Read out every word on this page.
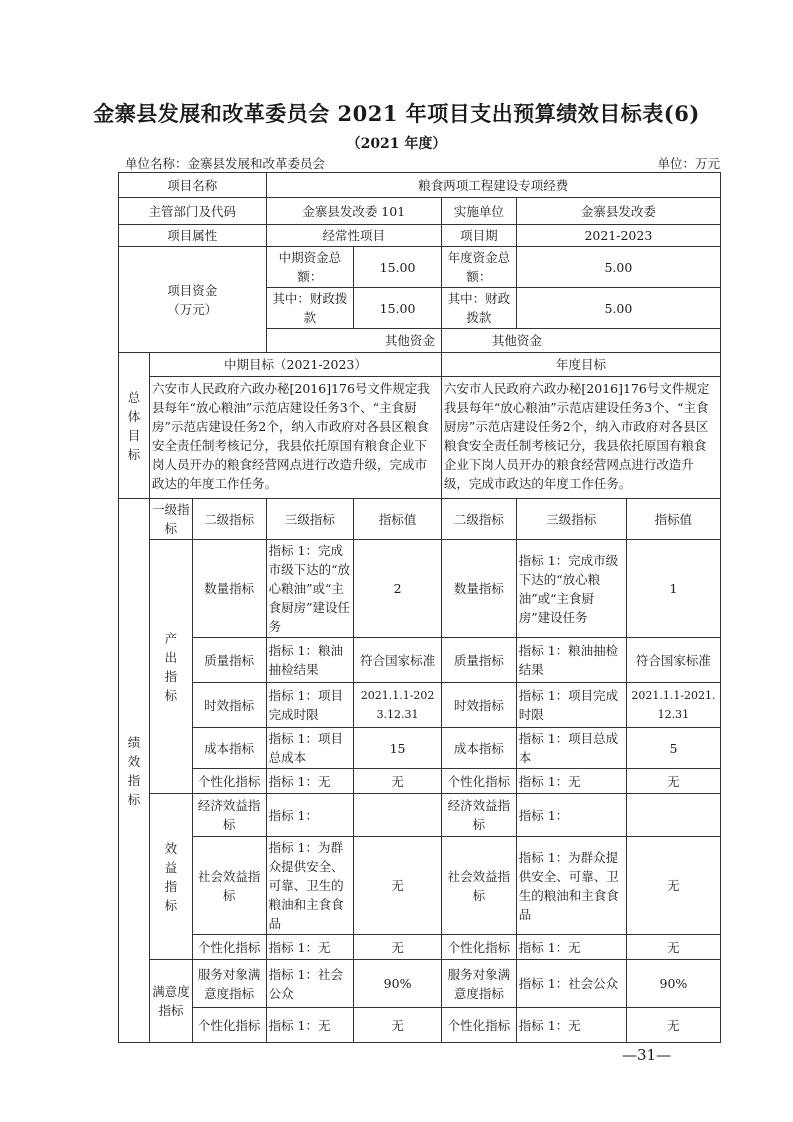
金寨县发展和改革委员会 2021 年项目支出预算绩效目标表(6)
（2021 年度）
单位名称：金寨县发展和改革委员会	单位：万元
项目名称			粮食两项工程建设专项经费				
主管部门及代码			金寨县发改委 101		实施单位	金寨县发改委	
项目属性			经常性项目		项目期	2021-2023	
项目资金（万元）			中期资金总额：	15.00	年度资金总额：	5.00	
			其中：财政拨款	15.00	其中：财政拨款	5.00	
			其他资金		其他资金		
总体目标	中期目标（2021-2023）				年度目标		
	六安市人民政府六政办秘[2016]176号文件规定我县每年“放心粮油”示范店建设任务3个、“主食厨房”示范店建设任务2个，纳入市政府对各县区粮食安全责任制考核记分，我县依托原国有粮食企业下岗人员开办的粮食经营网点进行改造升级，完成市政达的年度工作任务。				六安市人民政府六政办秘[2016]176号文件规定我县每年“放心粮油”示范店建设任务3个、“主食厨房”示范店建设任务2个，纳入市政府对各县区粮食安全责任制考核记分，我县依托原国有粮食企业下岗人员开办的粮食经营网点进行改造升级，完成市政达的年度工作任务。		
绩效指标	一级指标	二级指标	三级指标	指标值	二级指标	三级指标	指标值
	产出指标	数量指标	指标 1：完成市级下达的“放心粮油”或“主食厨房”建设任务	2	数量指标	指标 1：完成市级下达的“放心粮油”或“主食厨房”建设任务	1
		质量指标	指标 1：粮油抽检结果	符合国家标准	质量指标	指标 1：粮油抽检结果	符合国家标准
		时效指标	指标 1：项目完成时限	2021.1.1-2023.12.31	时效指标	指标 1：项目完成时限	2021.1.1-2021.12.31
		成本指标	指标 1：项目总成本	15	成本指标	指标 1：项目总成本	5
		个性化指标	指标 1：无	无	个性化指标	指标 1：无	无
	效益指标	经济效益指标	指标 1：		经济效益指标	指标 1：	
		社会效益指标	指标 1：为群众提供安全、可靠、卫生的粮油和主食食品	无	社会效益指标	指标 1：为群众提供安全、可靠、卫生的粮油和主食食品	无
		个性化指标	指标 1：无	无	个性化指标	指标 1：无	无
	满意度指标	服务对象满意度指标	指标 1：社会公众	90%	服务对象满意度指标	指标 1：社会公众	90%
		个性化指标	指标 1：无	无	个性化指标	指标 1：无	无
—31—
